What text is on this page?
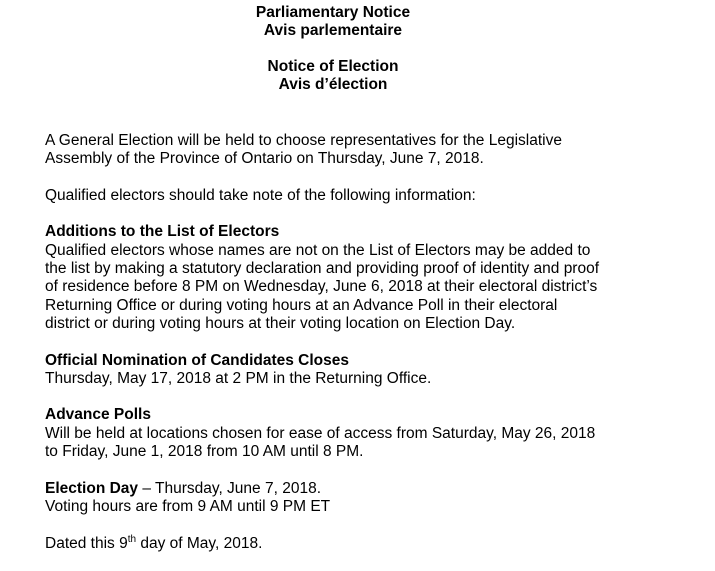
Parliamentary Notice
Avis parlementaire
Notice of Election
Avis d’élection

A General Election will be held to choose representatives for the Legislative
Assembly of the Province of Ontario on Thursday, June 7, 2018.

Qualified electors should take note of the following information:

Additions to the List of Electors
Qualified electors whose names are not on the List of Electors may be added to
the list by making a statutory declaration and providing proof of identity and proof
of residence before 8 PM on Wednesday, June 6, 2018 at their electoral district’s
Returning Office or during voting hours at an Advance Poll in their electoral
district or during voting hours at their voting location on Election Day.

Official Nomination of Candidates Closes
Thursday, May 17, 2018 at 2 PM in the Returning Office.

Advance Polls
Will be held at locations chosen for ease of access from Saturday, May 26, 2018
to Friday, June 1, 2018 from 10 AM until 8 PM.

Election Day – Thursday, June 7, 2018.
Voting hours are from 9 AM until 9 PM ET

Dated this 9th day of May, 2018.
